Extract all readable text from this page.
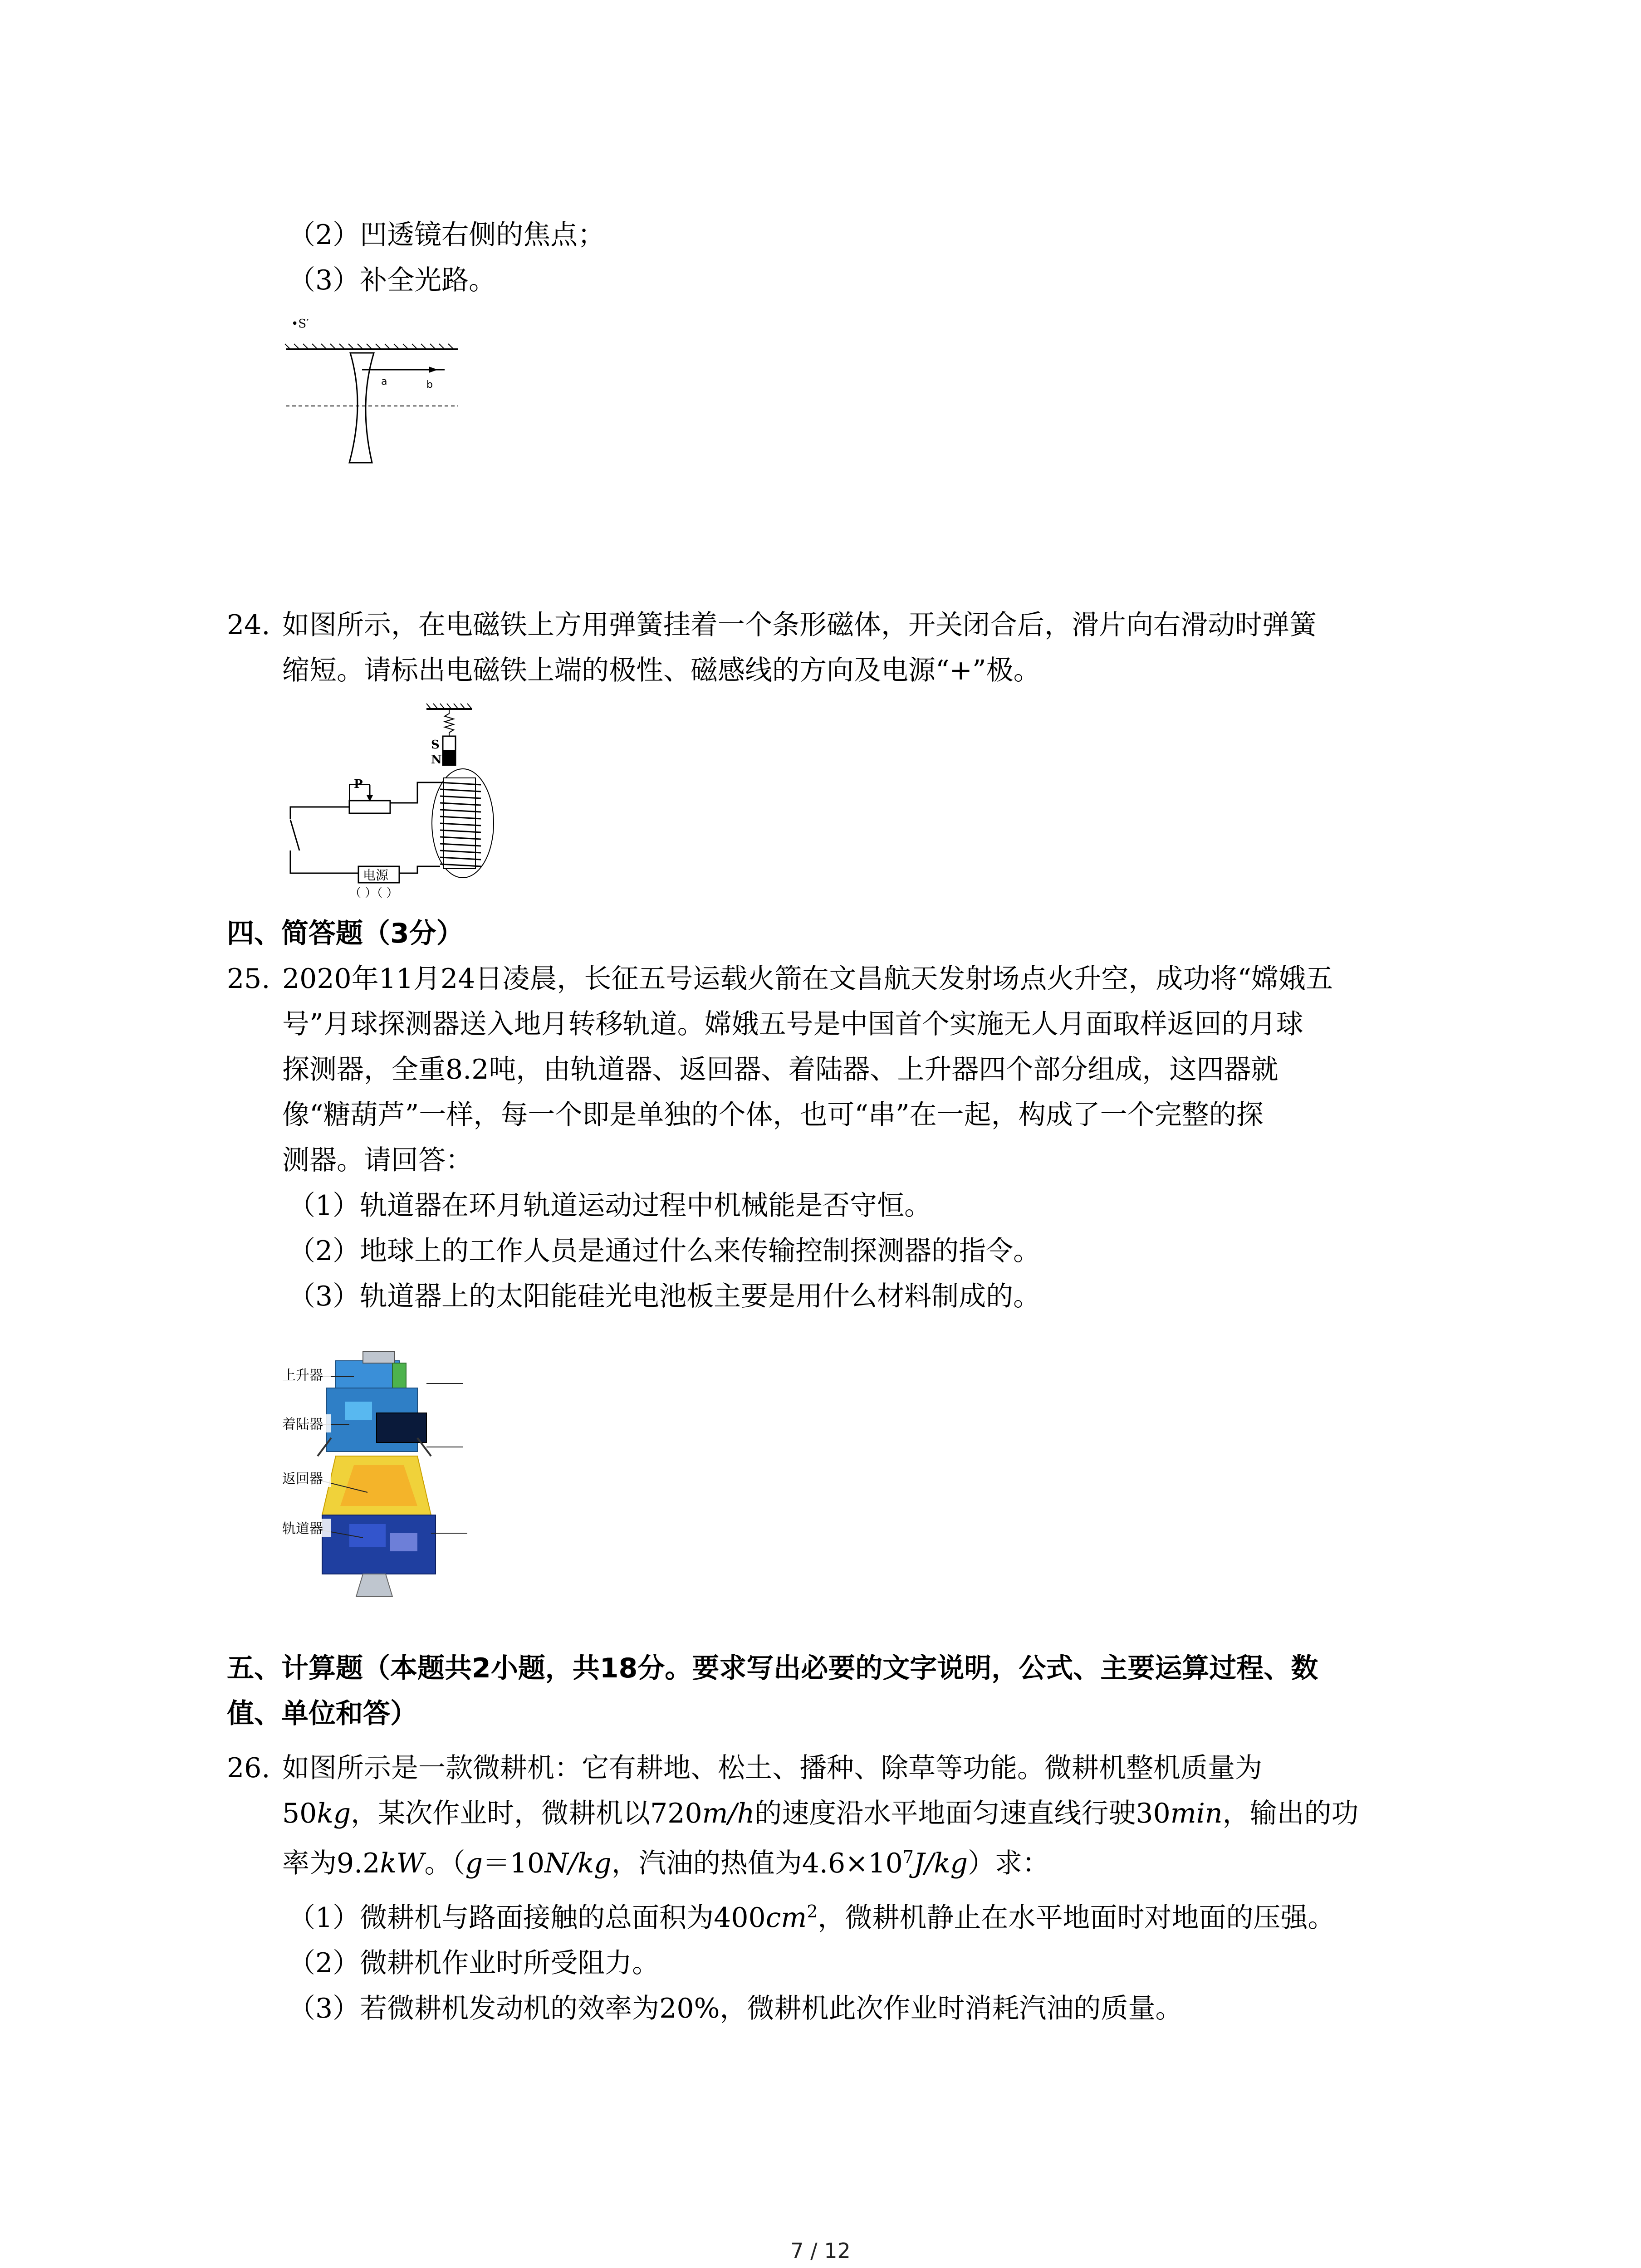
（2）凹透镜右侧的焦点；
（3）补全光路。
•S′
a	b
24. 如图所示，在电磁铁上方用弹簧挂着一个条形磁体，开关闭合后，滑片向右滑动时弹簧
缩短。请标出电磁铁上端的极性、磁感线的方向及电源“+”极。
S
N
P
电源
（ ）（ ）
四、简答题（3分）
25. 2020年11月24日凌晨，长征五号运载火箭在文昌航天发射场点火升空，成功将“嫦娥五
号”月球探测器送入地月转移轨道。嫦娥五号是中国首个实施无人月面取样返回的月球
探测器，全重8.2吨，由轨道器、返回器、着陆器、上升器四个部分组成，这四器就
像“糖葫芦”一样，每一个即是单独的个体，也可“串”在一起，构成了一个完整的探
测器。请回答：
（1）轨道器在环月轨道运动过程中机械能是否守恒。
（2）地球上的工作人员是通过什么来传输控制探测器的指令。
（3）轨道器上的太阳能硅光电池板主要是用什么材料制成的。
上升器
着陆器
返回器
轨道器
五、计算题（本题共2小题，共18分。要求写出必要的文字说明，公式、主要运算过程、数
值、单位和答）
26. 如图所示是一款微耕机：它有耕地、松土、播种、除草等功能。微耕机整机质量为
50kg，某次作业时，微耕机以720m/h的速度沿水平地面匀速直线行驶30min，输出的功
率为9.2kW。（g＝10N/kg，汽油的热值为$4.6\times 10^7J/kg$）求：
（1）微耕机与路面接触的总面积为$400cm^2$，微耕机静止在水平地面时对地面的压强。
（2）微耕机作业时所受阻力。
（3）若微耕机发动机的效率为20%，微耕机此次作业时消耗汽油的质量。
7 / 12
